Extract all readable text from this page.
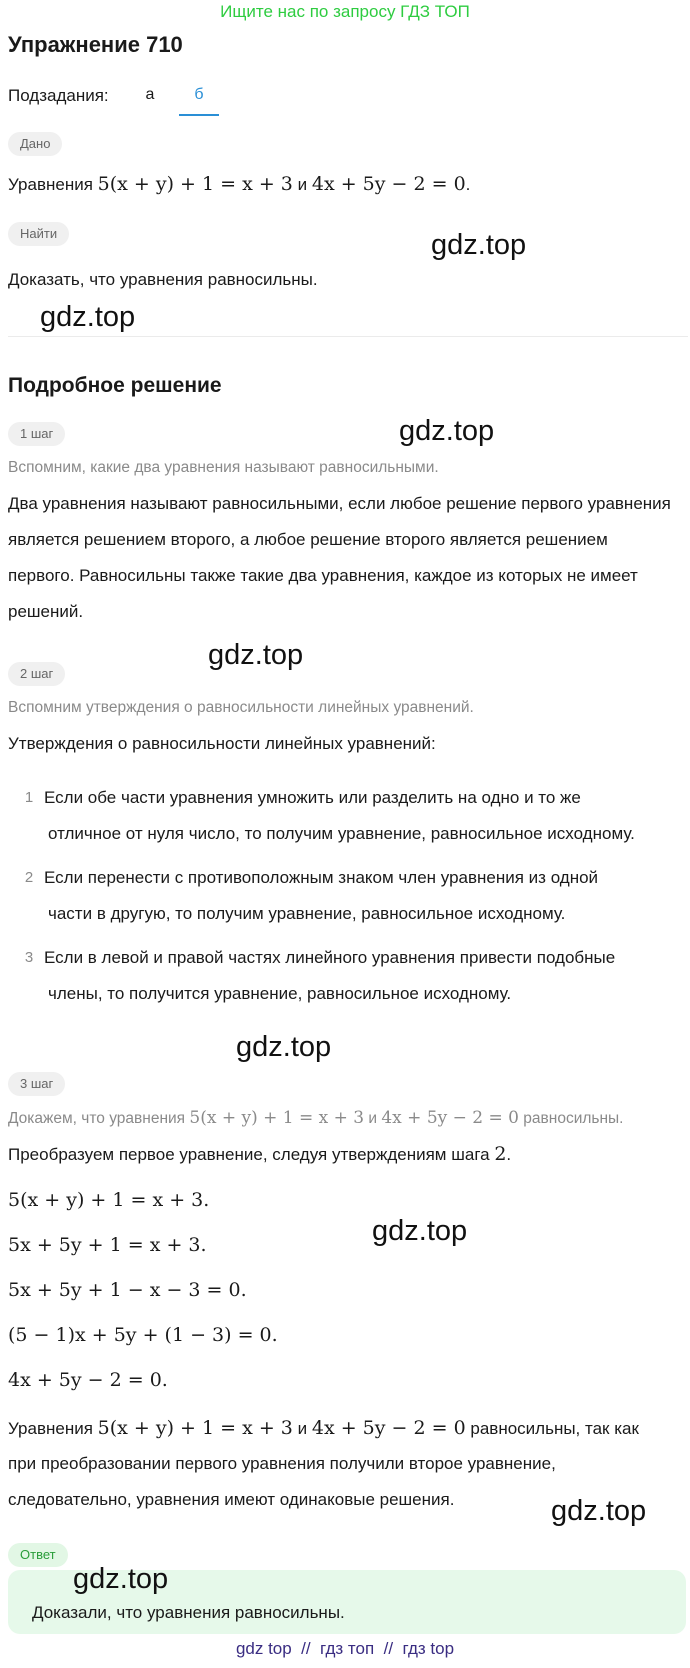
Ищите нас по запросу ГДЗ ТОП
Упражнение 710
Подзадания:	а	б
Дано
Уравнения 5(x + y) + 1 = x + 3 и 4x + 5y − 2 = 0.
Найти	gdz.top
Доказать, что уравнения равносильны.
gdz.top
Подробное решение
1 шаг	gdz.top
Вспомним, какие два уравнения называют равносильными.
Два уравнения называют равносильными, если любое решение первого уравнения является решением второго, а любое решение второго является решением первого. Равносильны также такие два уравнения, каждое из которых не имеет решений.
gdz.top
2 шаг
Вспомним утверждения о равносильности линейных уравнений.
Утверждения о равносильности линейных уравнений:
1 Если обе части уравнения умножить или разделить на одно и то же
отличное от нуля число, то получим уравнение, равносильное исходному.
2 Если перенести с противоположным знаком член уравнения из одной
части в другую, то получим уравнение, равносильное исходному.
3 Если в левой и правой частях линейного уравнения привести подобные
члены, то получится уравнение, равносильное исходному.
gdz.top
3 шаг
Докажем, что уравнения 5(x + y) + 1 = x + 3 и 4x + 5y − 2 = 0 равносильны.
Преобразуем первое уравнение, следуя утверждениям шага 2.
5(x + y) + 1 = x + 3.
gdz.top
5x + 5y + 1 = x + 3.
5x + 5y + 1 − x − 3 = 0.
(5 − 1)x + 5y + (1 − 3) = 0.
4x + 5y − 2 = 0.
Уравнения 5(x + y) + 1 = x + 3 и 4x + 5y − 2 = 0 равносильны, так как
при преобразовании первого уравнения получили второе уравнение,
следовательно, уравнения имеют одинаковые решения.	gdz.top
Ответ
gdz.top
Доказали, что уравнения равносильны.
gdz top  //  гдз топ  //  гдз top
